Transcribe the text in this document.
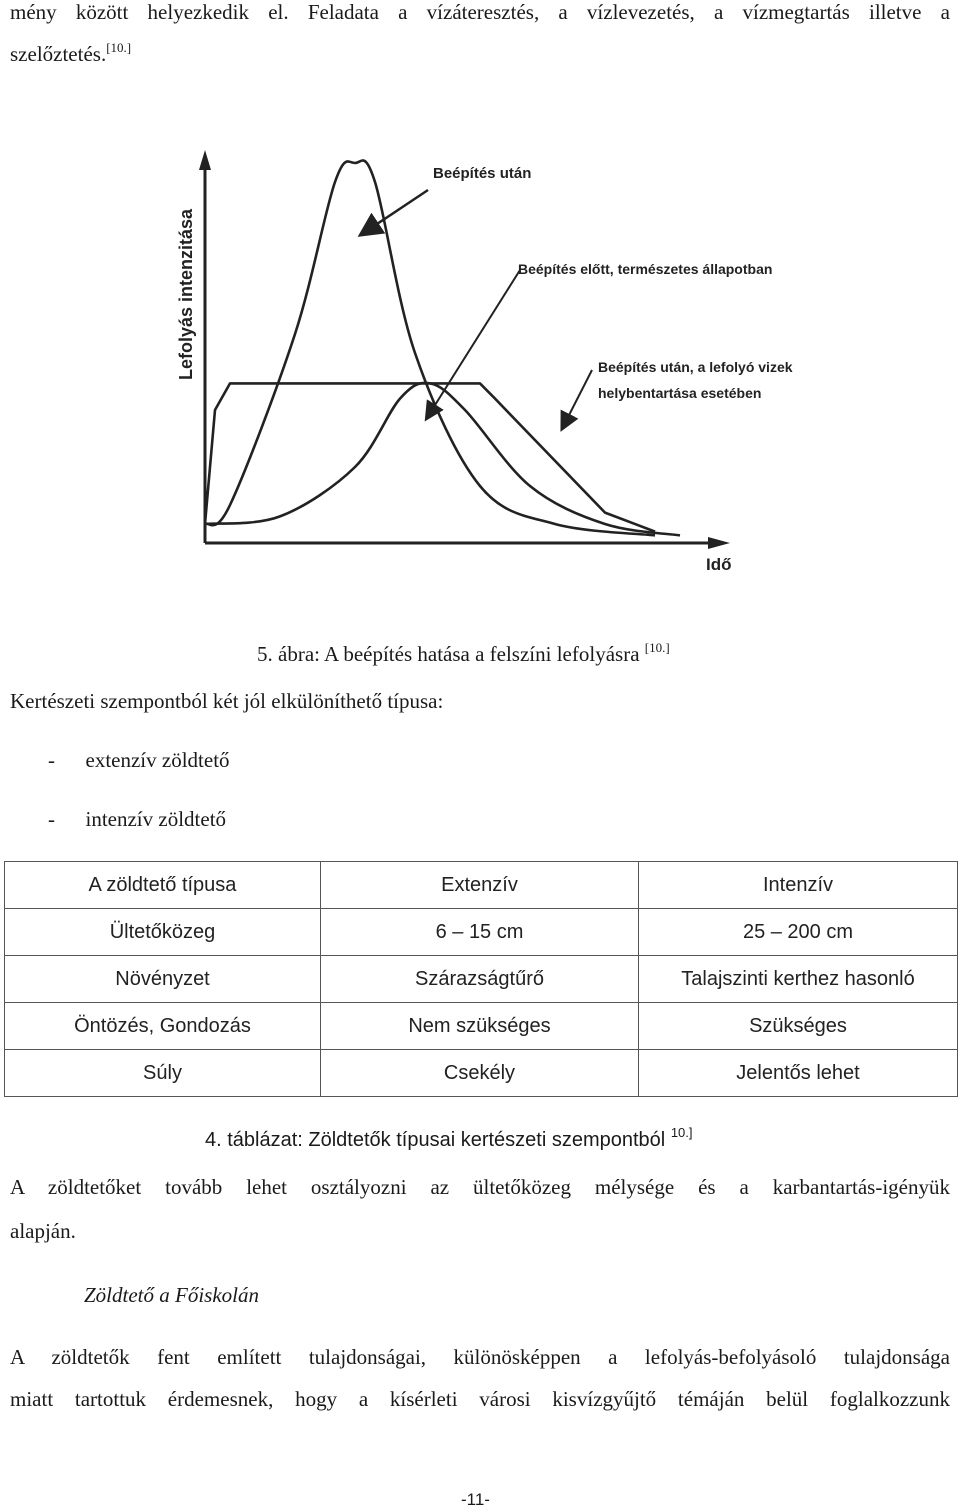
mény között helyezkedik el. Feladata a vízáteresztés, a vízlevezetés, a vízmegtartás illetve a
szelőztetés.[10.]
Lefolyás intenzitása
Idő
Beépítés után
Beépítés előtt, természetes állapotban
Beépítés után, a lefolyó vizek
helybentartása esetében
5. ábra: A beépítés hatása a felszíni lefolyásra [10.]
Kertészeti szempontból két jól elkülöníthető típusa:
- extenzív zöldtető
- intenzív zöldtető
A zöldtető típusa	Extenzív	Intenzív
Ültetőközeg	6 – 15 cm	25 – 200 cm
Növényzet	Szárazságtűrő	Talajszinti kerthez hasonló
Öntözés, Gondozás	Nem szükséges	Szükséges
Súly	Csekély	Jelentős lehet
4. táblázat: Zöldtetők típusai kertészeti szempontból $^{10.]}$
A zöldtetőket tovább lehet osztályozni az ültetőközeg mélysége és a karbantartás-igényük
alapján.
Zöldtető a Főiskolán
A zöldtetők fent említett tulajdonságai, különösképpen a lefolyás-befolyásoló tulajdonsága
miatt tartottuk érdemesnek, hogy a kísérleti városi kisvízgyűjtő témáján belül foglalkozzunk
-11-
